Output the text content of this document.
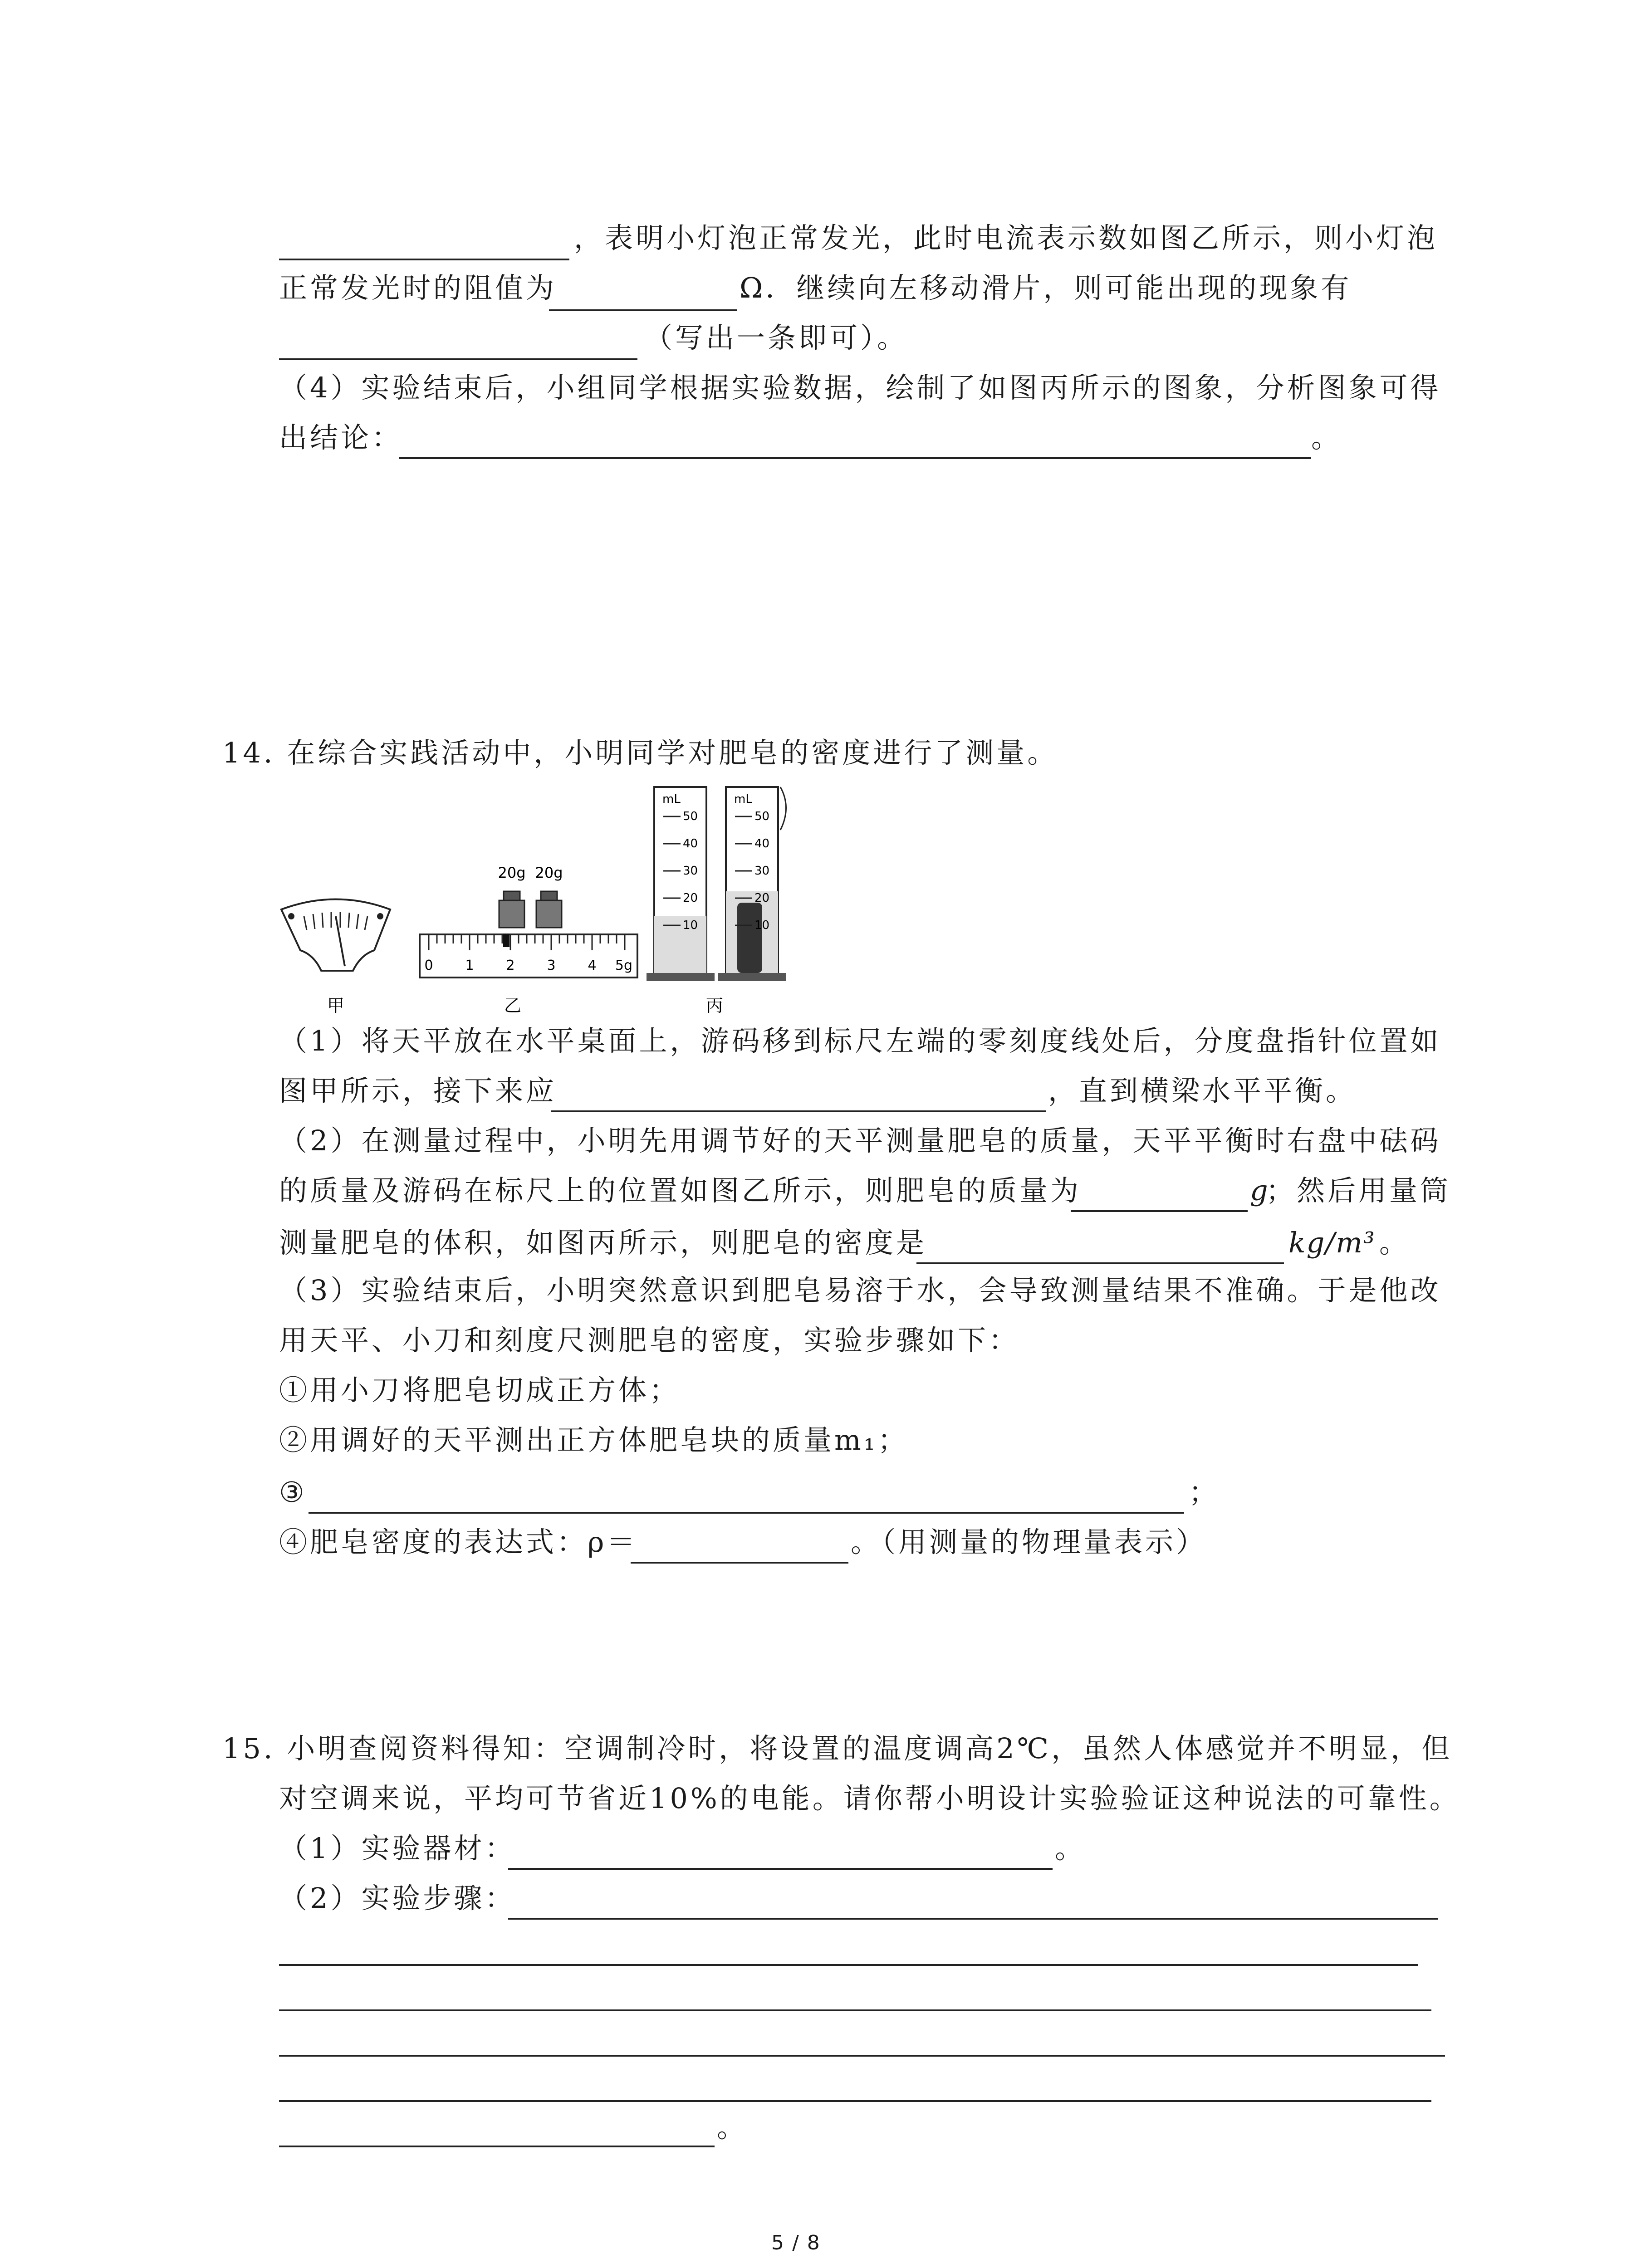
，表明小灯泡正常发光，此时电流表示数如图乙所示，则小灯泡
正常发光时的阻值为	Ω．继续向左移动滑片，则可能出现的现象有
（写出一条即可）。
（4）实验结束后，小组同学根据实验数据，绘制了如图丙所示的图象，分析图象可得
出结论：	。
14. 在综合实践活动中，小明同学对肥皂的密度进行了测量。
20g 20g
0 1 2 3 4 5g
mL
50
40
30
20
10
mL
50
40
30
20
10
甲	乙	丙
（1）将天平放在水平桌面上，游码移到标尺左端的零刻度线处后，分度盘指针位置如
图甲所示，接下来应	，直到横梁水平平衡。
（2）在测量过程中，小明先用调节好的天平测量肥皂的质量，天平平衡时右盘中砝码
的质量及游码在标尺上的位置如图乙所示，则肥皂的质量为	g
；然后用量筒
测量肥皂的体积，如图丙所示，则肥皂的密度是	kg/m³ 。
（3）实验结束后，小明突然意识到肥皂易溶于水，会导致测量结果不准确。于是他改
用天平、小刀和刻度尺测肥皂的密度，实验步骤如下：
①用小刀将肥皂切成正方体；
②用调好的天平测出正方体肥皂块的质量m₁；
③	；
④肥皂密度的表达式：ρ＝	。（用测量的物理量表示）
15. 小明查阅资料得知：空调制冷时，将设置的温度调高2℃，虽然人体感觉并不明显，但
对空调来说，平均可节省近10%的电能。请你帮小明设计实验验证这种说法的可靠性。
（1）实验器材：	。
（2）实验步骤：
。
5 / 8
